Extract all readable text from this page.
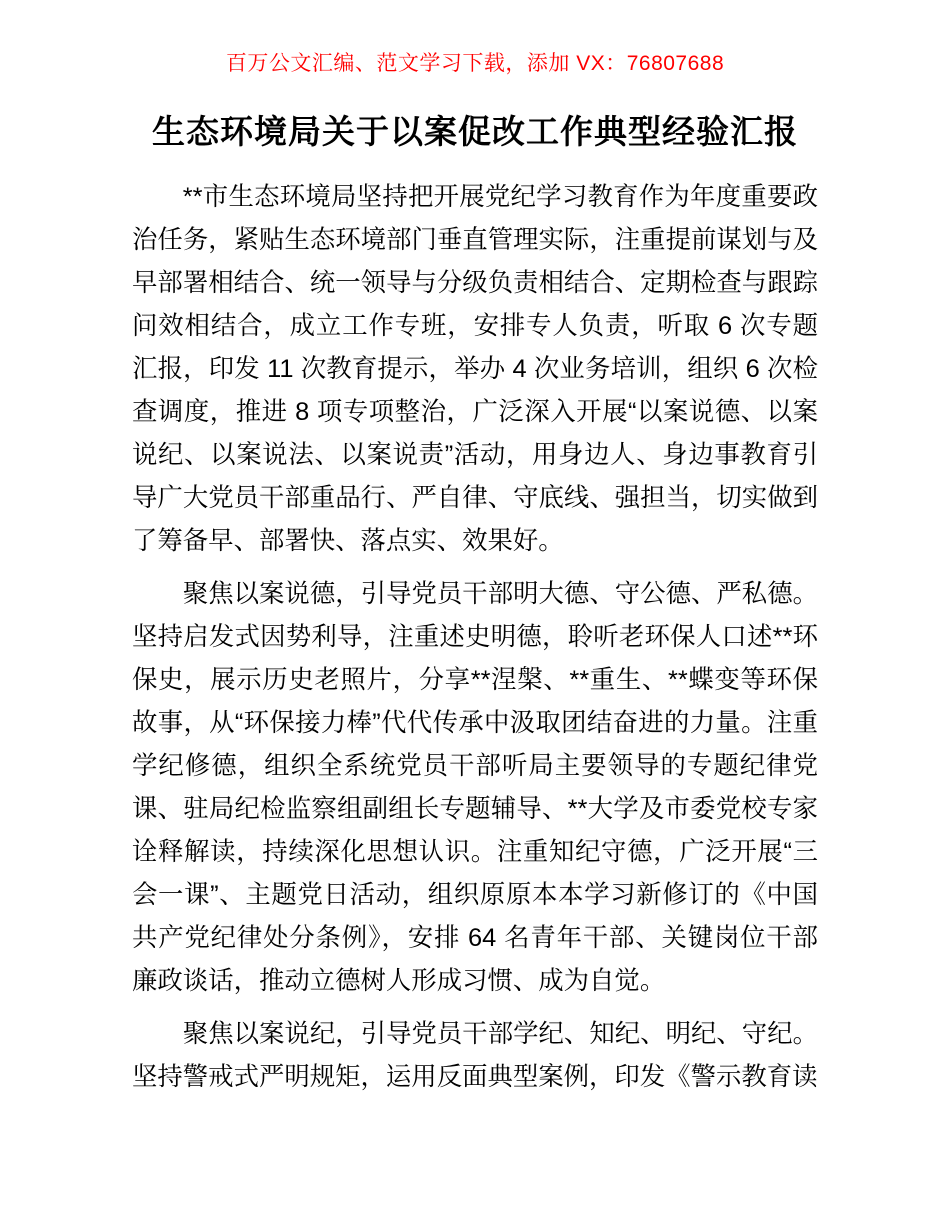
百万公文汇编、范文学习下载，添加 VX：76807688
生态环境局关于以案促改工作典型经验汇报

**市生态环境局坚持把开展党纪学习教育作为年度重要政治任务，紧贴生态环境部门垂直管理实际，注重提前谋划与及早部署相结合、统一领导与分级负责相结合、定期检查与跟踪问效相结合，成立工作专班，安排专人负责，听取 6 次专题汇报，印发 11 次教育提示，举办 4 次业务培训，组织 6 次检查调度，推进 8 项专项整治，广泛深入开展“以案说德、以案说纪、以案说法、以案说责”活动，用身边人、身边事教育引导广大党员干部重品行、严自律、守底线、强担当，切实做到了筹备早、部署快、落点实、效果好。

聚焦以案说德，引导党员干部明大德、守公德、严私德。坚持启发式因势利导，注重述史明德，聆听老环保人口述**环保史，展示历史老照片，分享**涅槃、**重生、**蝶变等环保故事，从“环保接力棒”代代传承中汲取团结奋进的力量。注重学纪修德，组织全系统党员干部听局主要领导的专题纪律党课、驻局纪检监察组副组长专题辅导、**大学及市委党校专家诠释解读，持续深化思想认识。注重知纪守德，广泛开展“三会一课”、主题党日活动，组织原原本本学习新修订的《中国共产党纪律处分条例》，安排 64 名青年干部、关键岗位干部廉政谈话，推动立德树人形成习惯、成为自觉。

聚焦以案说纪，引导党员干部学纪、知纪、明纪、守纪。坚持警戒式严明规矩，运用反面典型案例，印发《警示教育读
